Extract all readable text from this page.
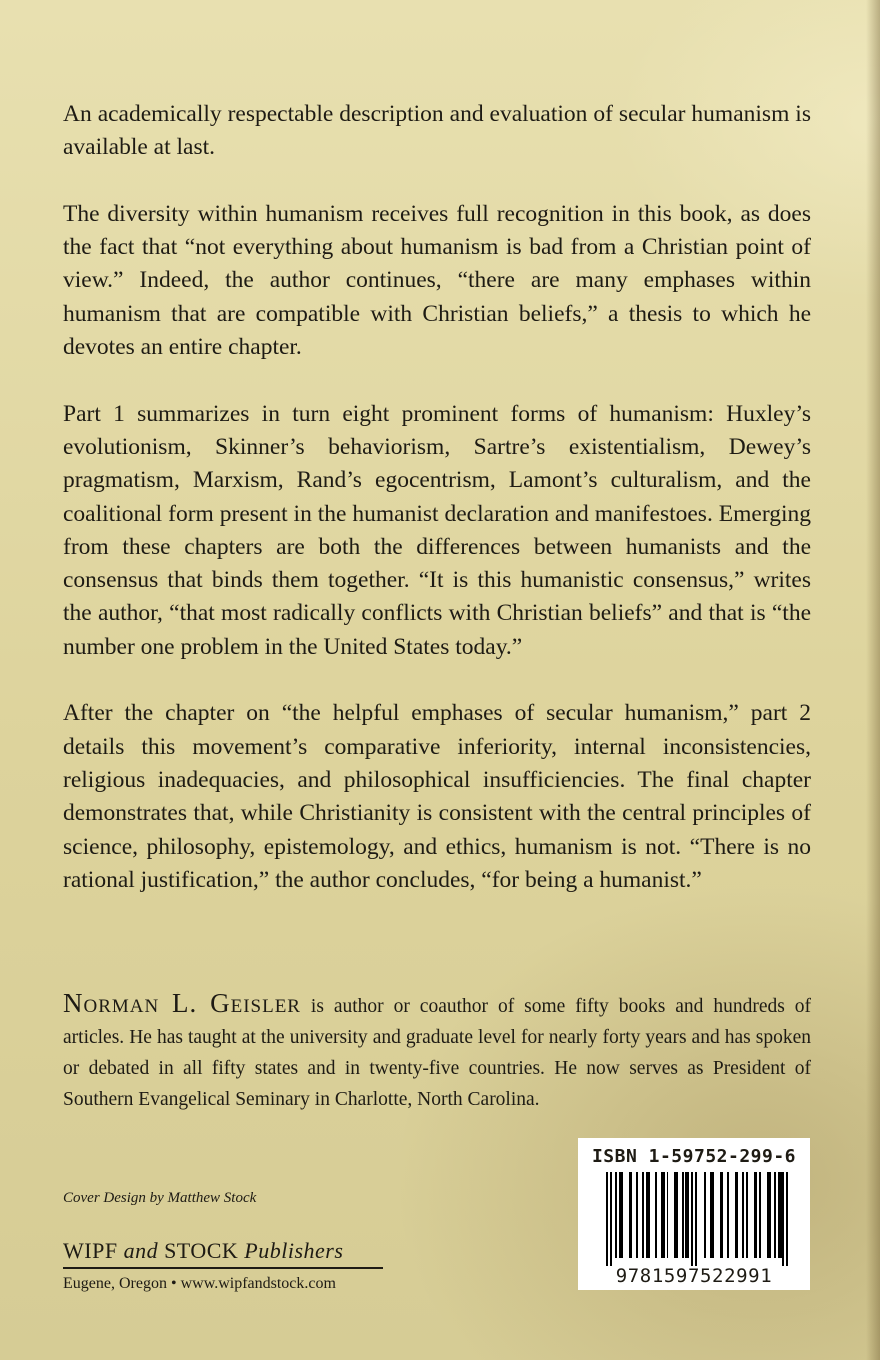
An academically respectable description and evaluation of secular humanism is available at last.

The diversity within humanism receives full recognition in this book, as does the fact that “not everything about humanism is bad from a Christian point of view.” Indeed, the author continues, “there are many emphases within humanism that are compatible with Christian beliefs,” a thesis to which he devotes an entire chapter.

Part 1 summarizes in turn eight prominent forms of humanism: Huxley’s evolutionism, Skinner’s behaviorism, Sartre’s existentialism, Dewey’s pragmatism, Marxism, Rand’s egocentrism, Lamont’s culturalism, and the coalitional form present in the humanist declaration and manifestoes. Emerging from these chapters are both the differences between humanists and the consensus that binds them together. “It is this humanistic consensus,” writes the author, “that most radically conflicts with Christian beliefs” and that is “the number one problem in the United States today.”

After the chapter on “the helpful emphases of secular humanism,” part 2 details this movement’s comparative inferiority, internal inconsistencies, religious inadequacies, and philosophical insufficiencies. The final chapter demonstrates that, while Christianity is consistent with the central principles of science, philosophy, epistemology, and ethics, humanism is not. “There is no rational justification,” the author concludes, “for being a humanist.”

Norman L. Geisler is author or coauthor of some fifty books and hundreds of articles. He has taught at the university and graduate level for nearly forty years and has spoken or debated in all fifty states and in twenty-five countries. He now serves as President of Southern Evangelical Seminary in Charlotte, North Carolina.

Cover Design by Matthew Stock
WIPF and STOCK Publishers
Eugene, Oregon • www.wipfandstock.com
ISBN 1-59752-299-6
9781597522991
